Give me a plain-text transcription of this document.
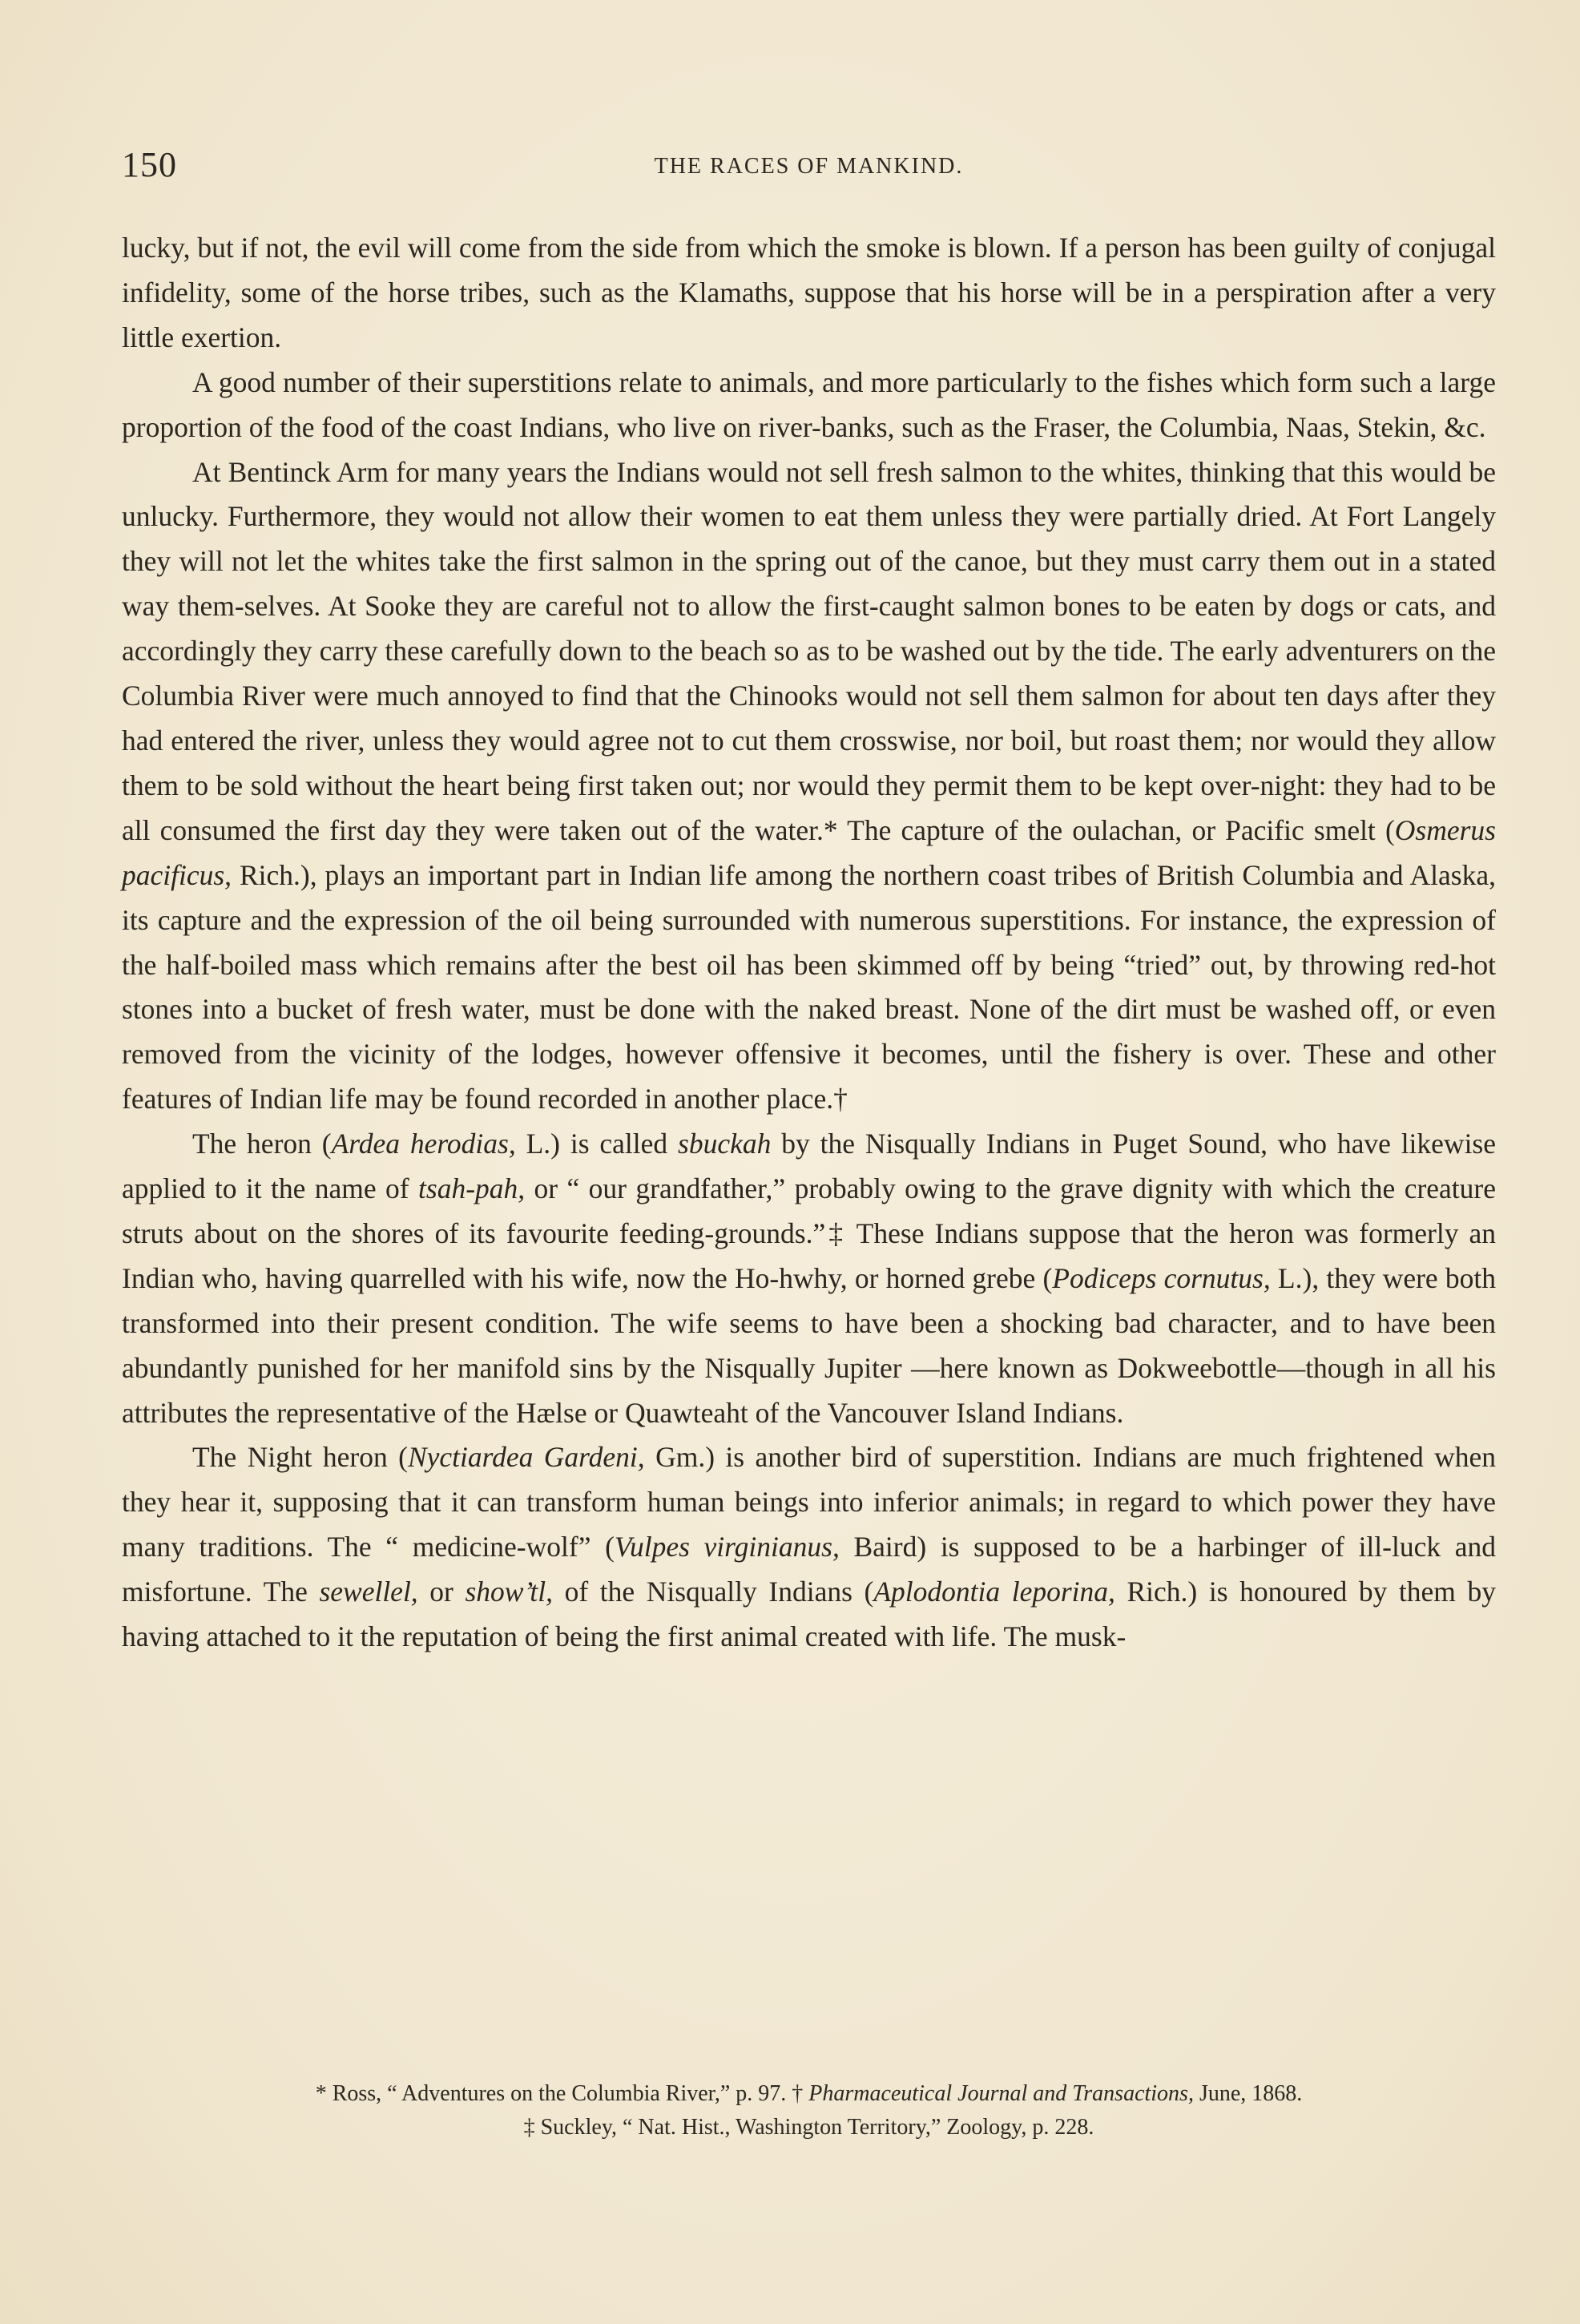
150	THE RACES OF MANKIND.

lucky, but if not, the evil will come from the side from which the smoke is blown. If a person has been guilty of conjugal infidelity, some of the horse tribes, such as the Klamaths, suppose that his horse will be in a perspiration after a very little exertion.

A good number of their superstitions relate to animals, and more particularly to the fishes which form such a large proportion of the food of the coast Indians, who live on river-banks, such as the Fraser, the Columbia, Naas, Stekin, &c.

At Bentinck Arm for many years the Indians would not sell fresh salmon to the whites, thinking that this would be unlucky. Furthermore, they would not allow their women to eat them unless they were partially dried. At Fort Langely they will not let the whites take the first salmon in the spring out of the canoe, but they must carry them out in a stated way them-selves. At Sooke they are careful not to allow the first-caught salmon bones to be eaten by dogs or cats, and accordingly they carry these carefully down to the beach so as to be washed out by the tide. The early adventurers on the Columbia River were much annoyed to find that the Chinooks would not sell them salmon for about ten days after they had entered the river, unless they would agree not to cut them crosswise, nor boil, but roast them; nor would they allow them to be sold without the heart being first taken out; nor would they permit them to be kept over-night: they had to be all consumed the first day they were taken out of the water.* The capture of the oulachan, or Pacific smelt (Osmerus pacificus, Rich.), plays an important part in Indian life among the northern coast tribes of British Columbia and Alaska, its capture and the expression of the oil being surrounded with numerous superstitions. For instance, the expression of the half-boiled mass which remains after the best oil has been skimmed off by being “tried” out, by throwing red-hot stones into a bucket of fresh water, must be done with the naked breast. None of the dirt must be washed off, or even removed from the vicinity of the lodges, however offensive it becomes, until the fishery is over. These and other features of Indian life may be found recorded in another place.†

The heron (Ardea herodias, L.) is called sbuckah by the Nisqually Indians in Puget Sound, who have likewise applied to it the name of tsah-pah, or “ our grandfather,” probably owing to the grave dignity with which the creature struts about on the shores of its favourite feeding-grounds.”‡ These Indians suppose that the heron was formerly an Indian who, having quarrelled with his wife, now the Ho-hwhy, or horned grebe (Podiceps cornutus, L.), they were both transformed into their present condition. The wife seems to have been a shocking bad character, and to have been abundantly punished for her manifold sins by the Nisqually Jupiter —here known as Dokweebottle—though in all his attributes the representative of the Hælse or Quawteaht of the Vancouver Island Indians.

The Night heron (Nyctiardea Gardeni, Gm.) is another bird of superstition. Indians are much frightened when they hear it, supposing that it can transform human beings into inferior animals; in regard to which power they have many traditions. The “ medicine-wolf” (Vulpes virginianus, Baird) is supposed to be a harbinger of ill-luck and misfortune. The sewellel, or show’tl, of the Nisqually Indians (Aplodontia leporina, Rich.) is honoured by them by having attached to it the reputation of being the first animal created with life. The musk-

* Ross, “ Adventures on the Columbia River,” p. 97. † Pharmaceutical Journal and Transactions, June, 1868.
‡ Suckley, “ Nat. Hist., Washington Territory,” Zoology, p. 228.
